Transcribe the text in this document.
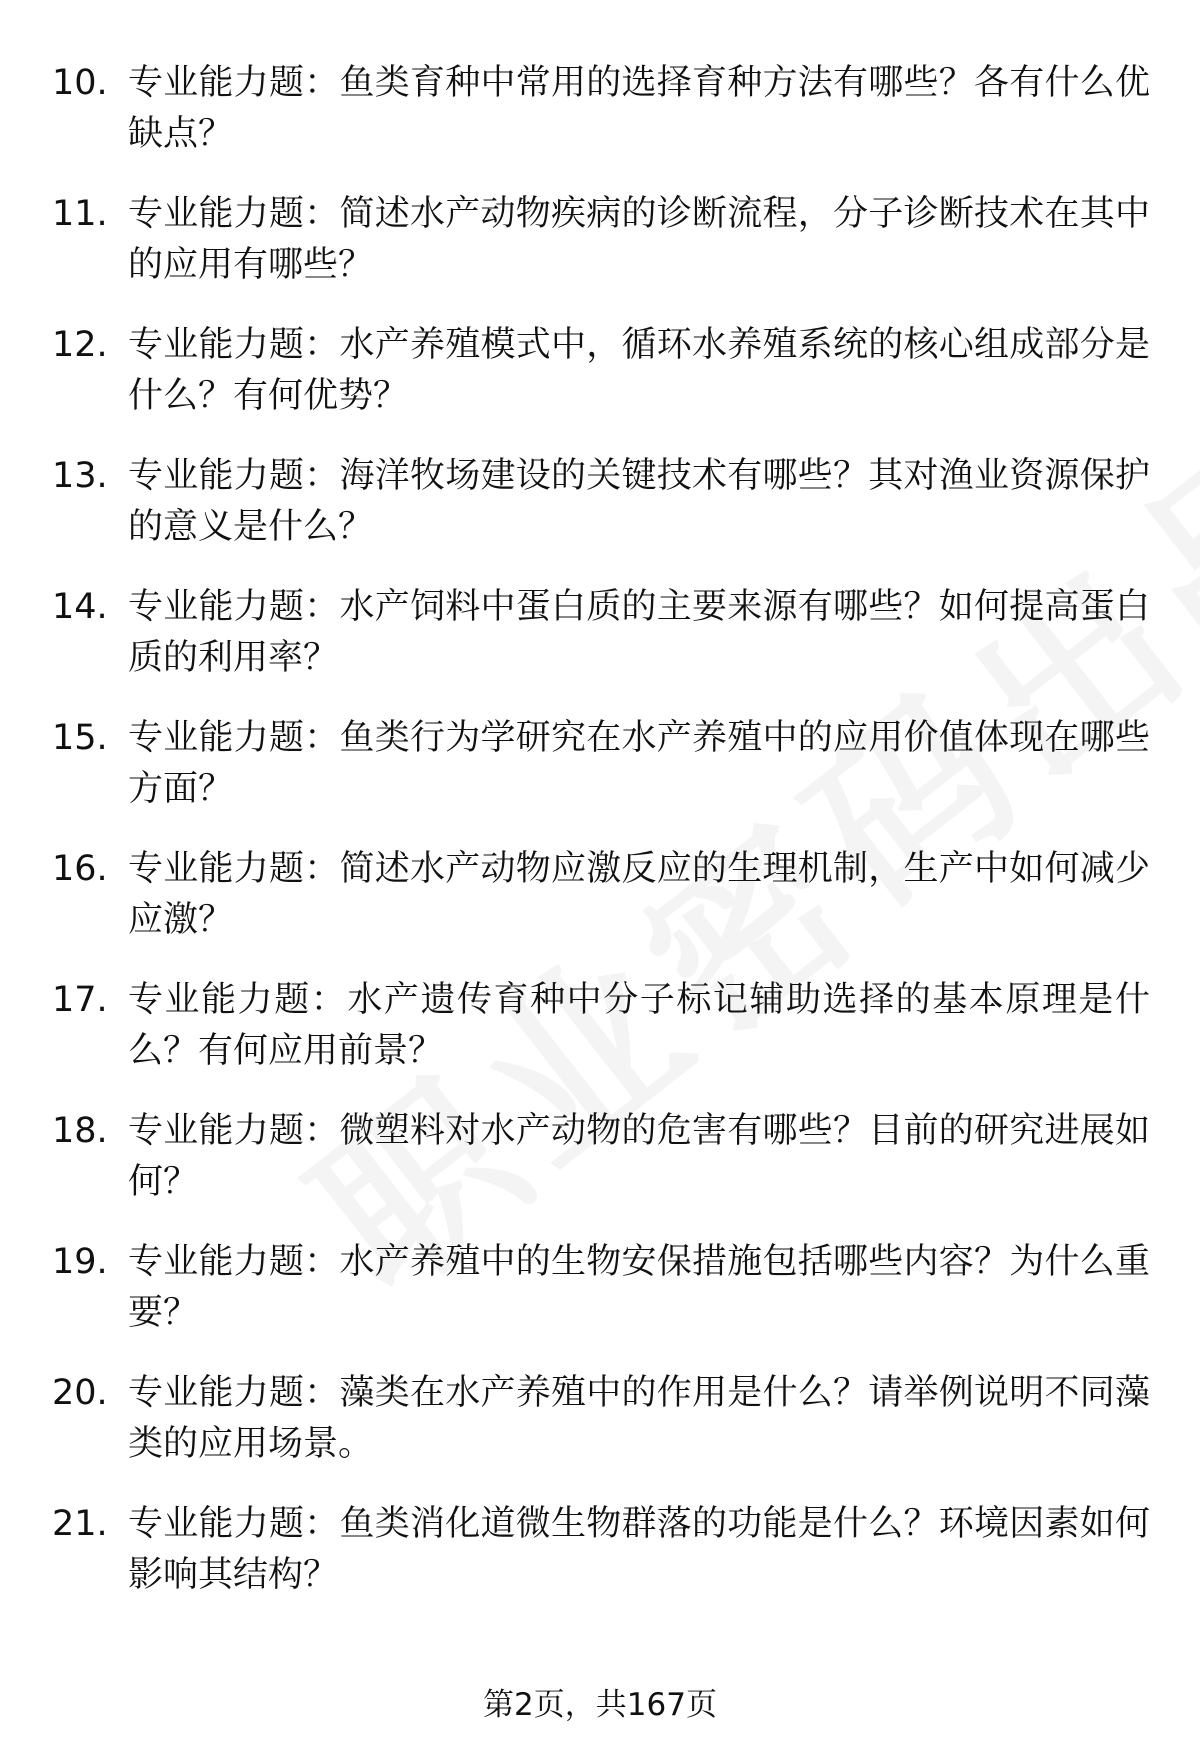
10. 专业能力题：鱼类育种中常用的选择育种方法有哪些？各有什么优缺点？
11. 专业能力题：简述水产动物疾病的诊断流程，分子诊断技术在其中的应用有哪些？
12. 专业能力题：水产养殖模式中，循环水养殖系统的核心组成部分是什么？有何优势？
13. 专业能力题：海洋牧场建设的关键技术有哪些？其对渔业资源保护的意义是什么？
14. 专业能力题：水产饲料中蛋白质的主要来源有哪些？如何提高蛋白质的利用率？
15. 专业能力题：鱼类行为学研究在水产养殖中的应用价值体现在哪些方面？
16. 专业能力题：简述水产动物应激反应的生理机制，生产中如何减少应激？
17. 专业能力题：水产遗传育种中分子标记辅助选择的基本原理是什么？有何应用前景？
18. 专业能力题：微塑料对水产动物的危害有哪些？目前的研究进展如何？
19. 专业能力题：水产养殖中的生物安保措施包括哪些内容？为什么重要？
20. 专业能力题：藻类在水产养殖中的作用是什么？请举例说明不同藻类的应用场景。
21. 专业能力题：鱼类消化道微生物群落的功能是什么？环境因素如何影响其结构？
第2页，共167页
